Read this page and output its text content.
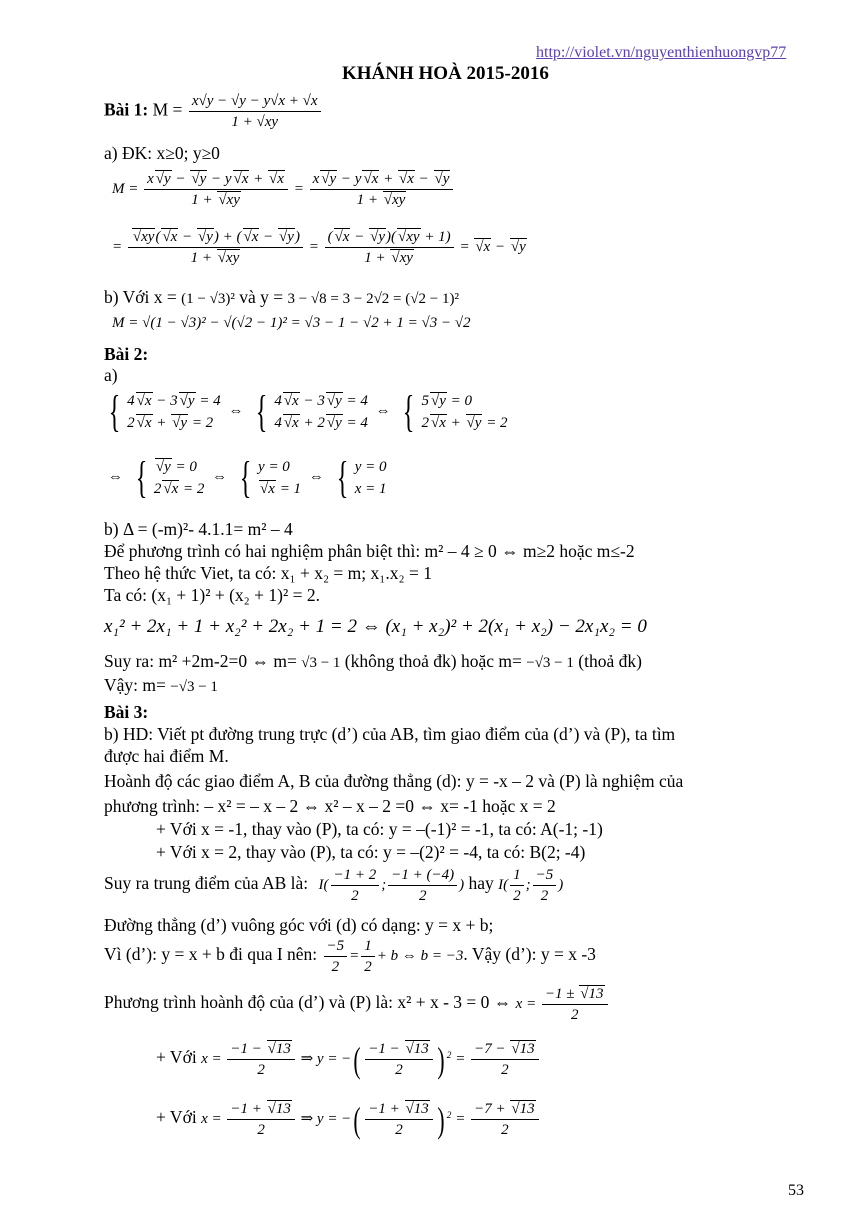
http://violet.vn/nguyenthienhuongvp77
KHÁNH HOÀ 2015-2016
Bài 1: $M = \frac{x√y - √y - y√x + √x}{1 + √xy}$
a) ĐK: x≥0; y≥0
$M = \frac{x √ y - √ y - y √ x + √ x}{1 + √ xy} = \frac{x √ y - y √ x + √ x - √ y}{1 + √ xy}$
= √ $\frac{xy( √ x - √ y) + ( √ x - √ y)}{1 + √ xy} = \frac{( √ x - √ y)( √ xy + 1)}{1 + √ xy}$ = √ x − √ y
b) Với x = (1 − √3)² và y = 3 − √8 = 3 − 2√2 = (√2 − 1)²
M = √(1 − √3)² − √(√2 − 1)² = √3 − 1 − √2 + 1 = √3 − √2
Bài 2:
a)
{ 4 √ x − 3 √ y = 4
2 √ x + √ y = 2
⇔ { 4 √ x − 3 √ y = 4
4 √ x + 2 √ y = 4
⇔ { 5 √ y = 0
2 √ x + √ y = 2
⇔ {	√ y = 0
2 √ x = 2
⇔ { y = 0
√ x = 1
⇔ { y = 0
x = 1
b) Δ = (-m)²- 4.1.1= m² – 4
Để phương trình có hai nghiệm phân biệt thì: m² – 4 ≥ 0 ⇔ m≥2 hoặc m≤-2
Theo hệ thức Viet, ta có: x₁ + x₂ = m; x₁.x₂ = 1
Ta có: (x₁ + 1)² + (x₂ + 1)² = 2.
x₁² + 2x₁ + 1 + x₂² + 2x₂ + 1 = 2 ⇔ (x₁ + x₂)² + 2(x₁ + x₂) − 2x₁x₂ = 0
Suy ra: m² +2m-2=0 ⇔ m= √3 − 1 (không thoả đk) hoặc m= −√3 − 1 (thoả đk)
Vậy: m= −√3 − 1
Bài 3:
b) HD: Viết pt đường trung trực (d’) của AB, tìm giao điểm của (d’) và (P), ta tìm
được hai điểm M.
Hoành độ các giao điểm A, B của đường thẳng (d): y = -x – 2 và (P) là nghiệm của
phương trình: – x² = – x – 2 ⇔ x² – x – 2 =0 ⇔ x= -1 hoặc x = 2
+ Với x = -1, thay vào (P), ta có: y = –(-1)² = -1, ta có: A(-1; -1)
+ Với x = 2, thay vào (P), ta có: y = –(2)² = -4, ta có: B(2; -4)
Suy ra trung điểm của AB là: $I( \frac{-1 + 2}{2}$ ; $\frac{-1 + (-4)}{2}$ ) hay $I( \frac{1}{2}$ ; $\frac{-5}{2}$ )
Đường thẳng (d’) vuông góc với (d) có dạng: y = x + b;
Vì (d’): y = x + b đi qua I nên: $\frac{-5}{2} = \frac{1}{2} + b$ ⇔ b = −3. Vậy (d’): y = x -3
Phương trình hoành độ của (d’) và (P) là: x² + x - 3 = 0 ⇔ $x = \frac{-1 \pm √ 13}{2}$
+ Với $x = \frac{-1 - √ 13}{2}$ ⇒ y = −( $\frac{-1 - √ 13}{2}$ ) $^2 = \frac{-7 - √ 13}{2}$
+ Với $x = \frac{-1 + √ 13}{2}$ ⇒ y = −( $\frac{-1 + √ 13}{2}$ ) $^2 = \frac{-7 + √ 13}{2}$
53
